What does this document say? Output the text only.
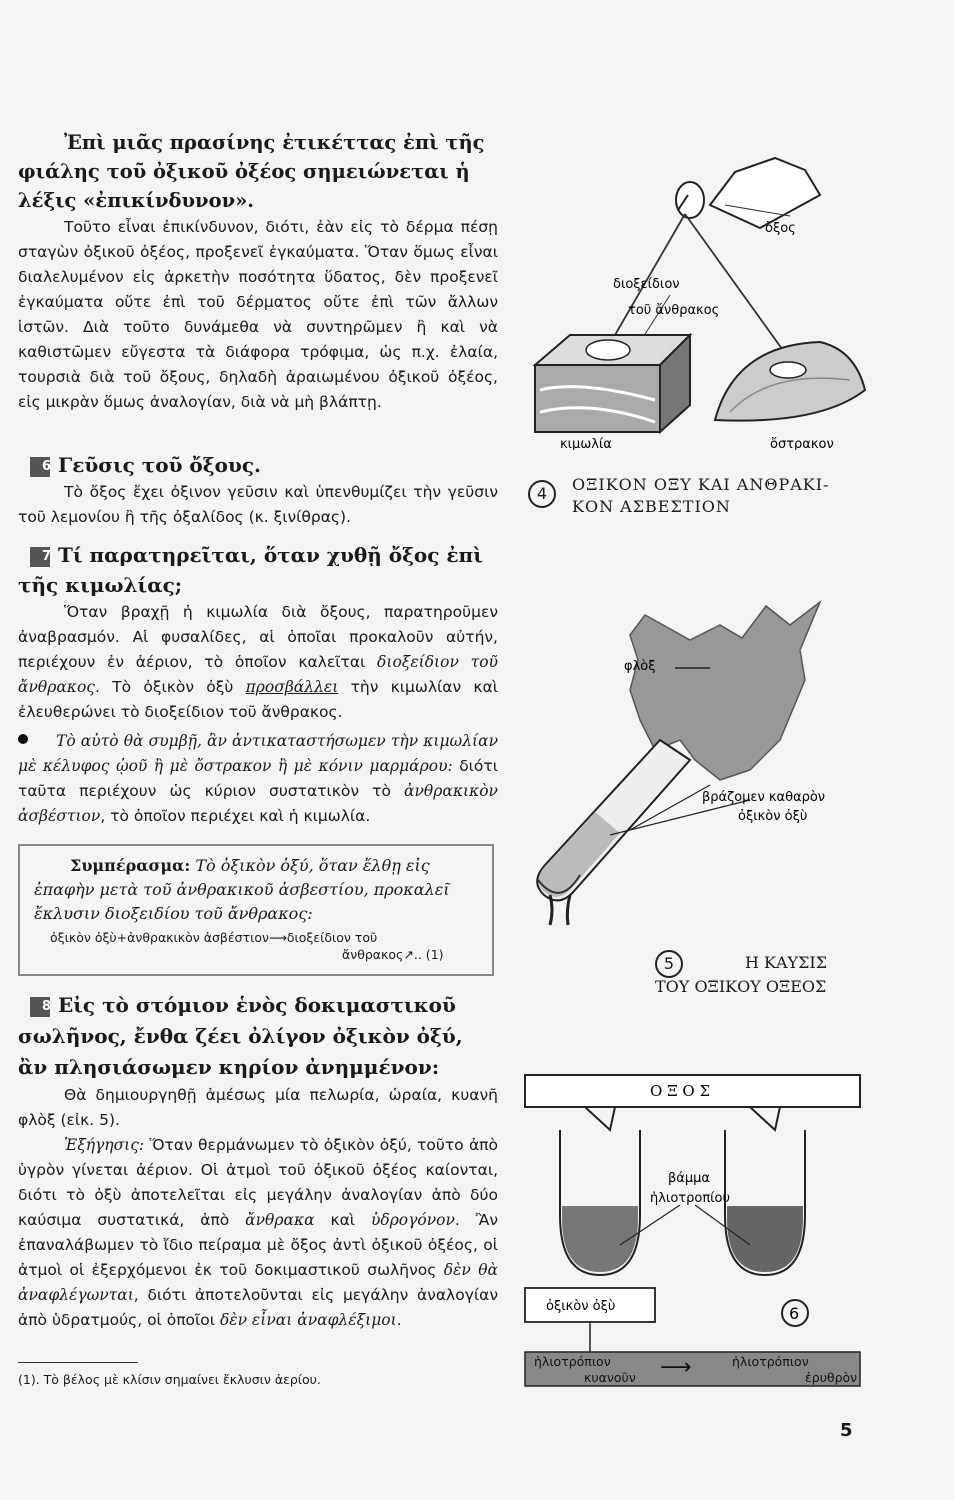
Ἐπὶ μιᾶς πρασίνης ἐτικέττας ἐπὶ τῆς φιάλης τοῦ ὀξικοῦ ὀξέος σημειώνεται ἡ λέξις «ἐπικίνδυνον».

Τοῦτο εἶναι ἐπικίνδυνον, διότι, ἐὰν εἰς τὸ δέρμα πέσῃ σταγὼν ὀξικοῦ ὀξέος, προξενεῖ ἐγκαύματα. Ὅταν ὅμως εἶναι διαλελυμένον εἰς ἀρκετὴν ποσότητα ὕδατος, δὲν προξενεῖ ἐγκαύματα οὔτε ἐπὶ τοῦ δέρματος οὔτε ἐπὶ τῶν ἄλλων ἱστῶν. Διὰ τοῦτο δυνάμεθα νὰ συντηρῶμεν ἢ καὶ νὰ καθιστῶμεν εὔγεστα τὰ διάφορα τρόφιμα, ὡς π.χ. ἐλαία, τουρσιὰ διὰ τοῦ ὄξους, δηλαδὴ ἀραιωμένου ὀξικοῦ ὀξέος, εἰς μικρὰν ὅμως ἀναλογίαν, διὰ νὰ μὴ βλάπτῃ.

6 Γεῦσις τοῦ ὄξους.

Τὸ ὄξος ἔχει ὀξινον γεῦσιν καὶ ὑπενθυμίζει τὴν γεῦσιν τοῦ λεμονίου ἢ τῆς ὀξαλίδος (κ. ξινίθρας).

7 Τί παρατηρεῖται, ὅταν χυθῇ ὄξος ἐπὶ τῆς κιμωλίας;

Ὅταν βραχῇ ἡ κιμωλία διὰ ὄξους, παρατηροῦμεν ἀναβρασμόν. Αἱ φυσαλίδες, αἱ ὁποῖαι προκαλοῦν αὐτήν, περιέχουν ἐν ἀέριον, τὸ ὁποῖον καλεῖται διοξείδιον τοῦ ἄνθρακος. Τὸ ὀξικὸν ὀξὺ προσβάλλει τὴν κιμωλίαν καὶ ἐλευθερώνει τὸ διοξείδιον τοῦ ἄνθρακος.

Τὸ αὐτὸ θὰ συμβῇ, ἂν ἀντικαταστήσωμεν τὴν κιμωλίαν μὲ κέλυφος ᾠοῦ ἢ μὲ ὄστρακον ἢ μὲ κόνιν μαρμάρου: διότι ταῦτα περιέχουν ὡς κύριον συστατικὸν τὸ ἀνθρακικὸν ἀσβέστιον, τὸ ὁποῖον περιέχει καὶ ἡ κιμωλία.

Συμπέρασμα: Τὸ ὀξικὸν ὀξύ, ὅταν ἔλθῃ εἰς ἐπαφὴν μετὰ τοῦ ἀνθρακικοῦ ἀσβεστίου, προκαλεῖ ἔκλυσιν διοξειδίου τοῦ ἄνθρακος:

ὀξικὸν ὀξὺ+ἀνθρακικὸν ἀσβέστιον⟶διοξείδιον τοῦ
ἄνθρακος↗.. (1)

8 Εἰς τὸ στόμιον ἑνὸς δοκιμαστικοῦ σωλῆνος, ἔνθα ζέει ὀλίγον ὀξικὸν ὀξύ, ἂν πλησιάσωμεν κηρίον ἀνημμένον:

Θὰ δημιουργηθῇ ἀμέσως μία πελωρία, ὡραία, κυανῆ φλὸξ (εἰκ. 5).

Ἐξήγησις: Ὅταν θερμάνωμεν τὸ ὀξικὸν ὀξύ, τοῦτο ἀπὸ ὑγρὸν γίνεται ἀέριον. Οἱ ἀτμοὶ τοῦ ὀξικοῦ ὀξέος καίονται, διότι τὸ ὀξὺ ἀποτελεῖται εἰς μεγάλην ἀναλογίαν ἀπὸ δύο καύσιμα συστατικά, ἀπὸ ἄνθρακα καὶ ὑδρογόνον. Ἂν ἐπαναλάβωμεν τὸ ἴδιο πείραμα μὲ ὄξος ἀντὶ ὀξικοῦ ὀξέος, οἱ ἀτμοὶ οἱ ἐξερχόμενοι ἐκ τοῦ δοκιμαστικοῦ σωλῆνος δὲν θὰ ἀναφλέγωνται, διότι ἀποτελοῦνται εἰς μεγάλην ἀναλογίαν ἀπὸ ὑδρατμούς, οἱ ὁποῖοι δὲν εἶναι ἀναφλέξιμοι.

(1). Τὸ βέλος μὲ κλίσιν σημαίνει ἔκλυσιν ἀερίου.
ὄξος
διοξείδιον
τοῦ ἄνθρακος
κιμωλία	ὄστρακον
4	ΟΞΙΚΟΝ ΟΞΥ ΚΑΙ ΑΝΘΡΑΚΙ-
ΚΟΝ ΑΣΒΕΣΤΙΟΝ
φλὸξ
βράζομεν καθαρὸν
ὀξικὸν ὀξὺ
5	Η ΚΑΥΣΙΣ
ΤΟΥ ΟΞΙΚΟΥ ΟΞΕΟΣ
Ο Ξ Ο Σ
βάμμα
ἡλιοτροπίου
ὀξικὸν ὀξὺ	6
ἡλιοτρόπιον
κυανοῦν ⟶	ἡλιοτρόπιον
ἐρυθρὸν
5
